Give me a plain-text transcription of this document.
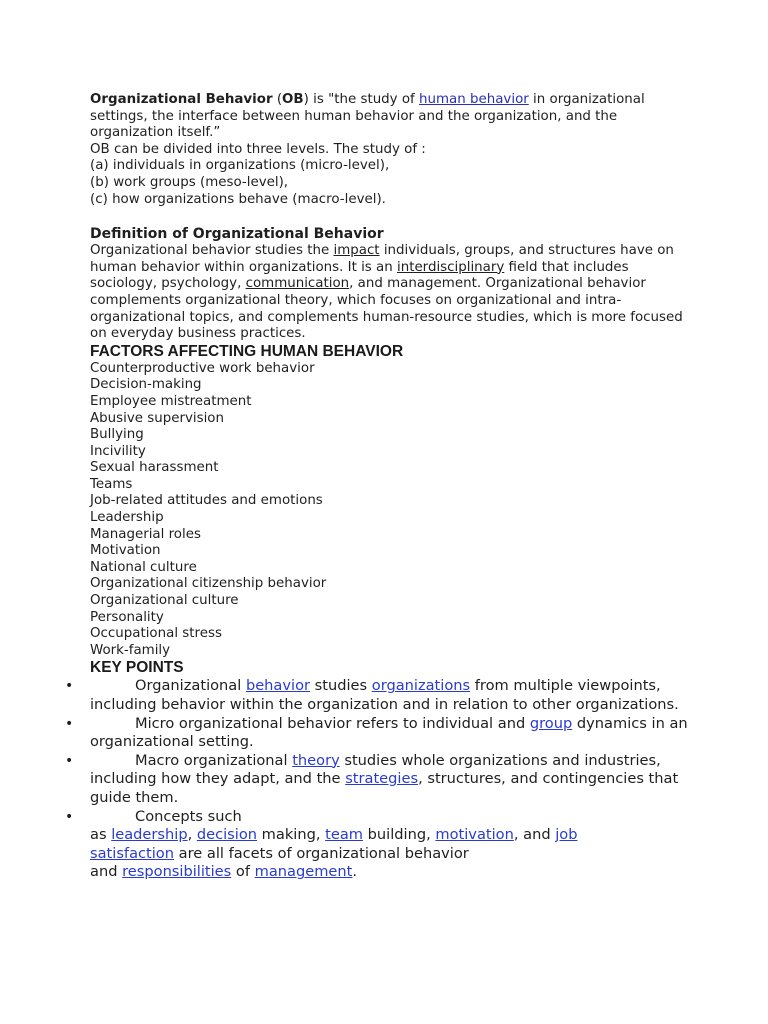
Organizational Behavior (OB) is "the study of human behavior in organizational settings, the interface between human behavior and the organization, and the organization itself.”

OB can be divided into three levels. The study of :

(a) individuals in organizations (micro-level),

(b) work groups (meso-level),

(c) how organizations behave (macro-level).

Definition of Organizational Behavior

Organizational behavior studies the impact individuals, groups, and structures have on human behavior within organizations. It is an interdisciplinary field that includes sociology, psychology, communication, and management. Organizational behavior complements organizational theory, which focuses on organizational and intra-organizational topics, and complements human-resource studies, which is more focused on everyday business practices.

FACTORS AFFECTING HUMAN BEHAVIOR
Counterproductive work behavior
Decision-making
Employee mistreatment
Abusive supervision
Bullying
Incivility
Sexual harassment
Teams
Job-related attitudes and emotions
Leadership
Managerial roles
Motivation
National culture
Organizational citizenship behavior
Organizational culture
Personality
Occupational stress
Work-family
KEY POINTS
•	Organizational behavior studies organizations from multiple viewpoints, including behavior within the organization and in relation to other organizations.
•	Micro organizational behavior refers to individual and group dynamics in an organizational setting.
•	Macro organizational theory studies whole organizations and industries, including how they adapt, and the strategies, structures, and contingencies that guide them.
•	Concepts such
as leadership, decision making, team building, motivation, and job
satisfaction are all facets of organizational behavior
and responsibilities of management.
